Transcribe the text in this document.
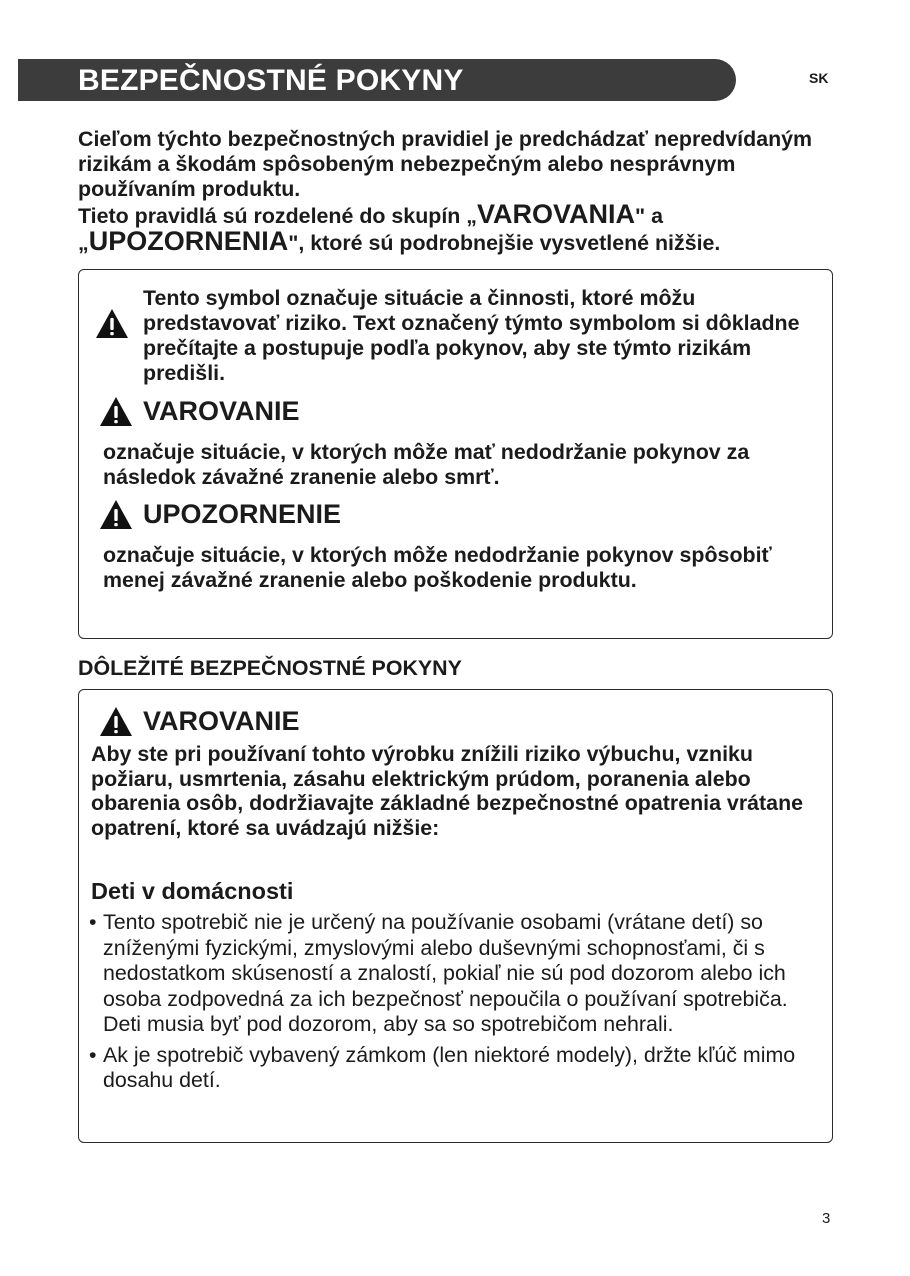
BEZPEČNOSTNÉ POKYNY	SK

Cieľom týchto bezpečnostných pravidiel je predchádzať nepredvídaným rizikám a škodám spôsobeným nebezpečným alebo nesprávnym používaním produktu.

Tieto pravidlá sú rozdelené do skupín „VAROVANIA" a „UPOZORNENIA", ktoré sú podrobnejšie vysvetlené nižšie.

Tento symbol označuje situácie a činnosti, ktoré môžu predstavovať riziko. Text označený týmto symbolom si dôkladne prečítajte a postupuje podľa pokynov, aby ste týmto rizikám predišli.
VAROVANIE

označuje situácie, v ktorých môže mať nedodržanie pokynov za následok závažné zranenie alebo smrť.

UPOZORNENIE

označuje situácie, v ktorých môže nedodržanie pokynov spôsobiť menej závažné zranenie alebo poškodenie produktu.

DÔLEŽITÉ BEZPEČNOSTNÉ POKYNY
VAROVANIE

Aby ste pri používaní tohto výrobku znížili riziko výbuchu, vzniku požiaru, usmrtenia, zásahu elektrickým prúdom, poranenia alebo obarenia osôb, dodržiavajte základné bezpečnostné opatrenia vrátane opatrení, ktoré sa uvádzajú nižšie:

Deti v domácnosti
• Tento spotrebič nie je určený na používanie osobami (vrátane detí) so zníženými fyzickými, zmyslovými alebo duševnými schopnosťami, či s nedostatkom skúseností a znalostí, pokiaľ nie sú pod dozorom alebo ich osoba zodpovedná za ich bezpečnosť nepoučila o používaní spotrebiča. Deti musia byť pod dozorom, aby sa so spotrebičom nehrali.
• Ak je spotrebič vybavený zámkom (len niektoré modely), držte kľúč mimo dosahu detí.
3
